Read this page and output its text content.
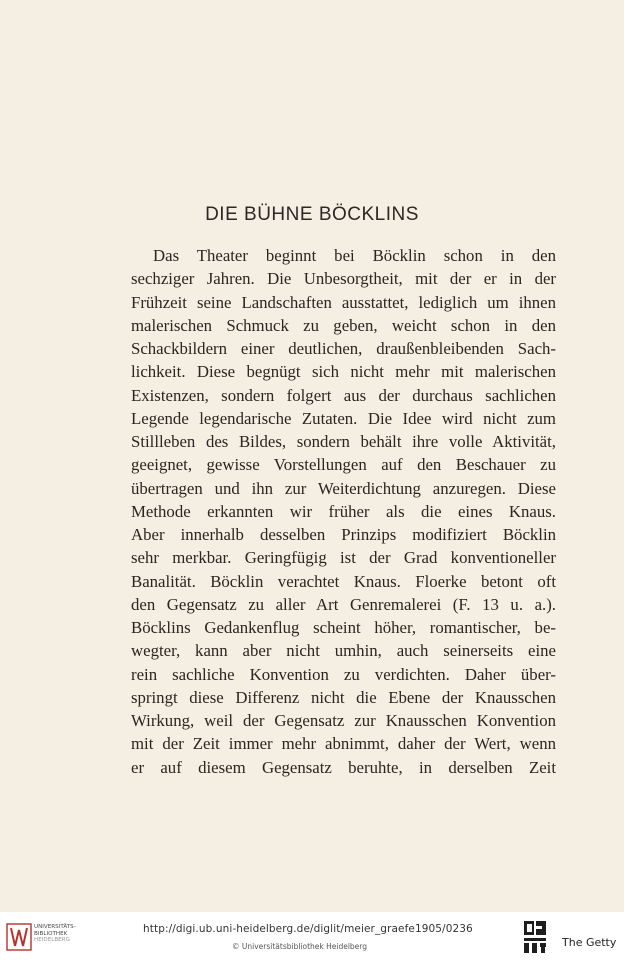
DIE BÜHNE BÖCKLINS
Das Theater beginnt bei Böcklin schon in den
sechziger Jahren. Die Unbesorgtheit, mit der er in der
Frühzeit seine Landschaften ausstattet, lediglich um ihnen
malerischen Schmuck zu geben, weicht schon in den
Schackbildern einer deutlichen, draußenbleibenden Sach-
lichkeit. Diese begnügt sich nicht mehr mit malerischen
Existenzen, sondern folgert aus der durchaus sachlichen
Legende legendarische Zutaten. Die Idee wird nicht zum
Stillleben des Bildes, sondern behält ihre volle Aktivität,
geeignet, gewisse Vorstellungen auf den Beschauer zu
übertragen und ihn zur Weiterdichtung anzuregen. Diese
Methode erkannten wir früher als die eines Knaus.
Aber innerhalb desselben Prinzips modifiziert Böcklin
sehr merkbar. Geringfügig ist der Grad konventioneller
Banalität. Böcklin verachtet Knaus. Floerke betont oft
den Gegensatz zu aller Art Genremalerei (F. 13 u. a.).
Böcklins Gedankenflug scheint höher, romantischer, be-
wegter, kann aber nicht umhin, auch seinerseits eine
rein sachliche Konvention zu verdichten. Daher über-
springt diese Differenz nicht die Ebene der Knausschen
Wirkung, weil der Gegensatz zur Knausschen Konvention
mit der Zeit immer mehr abnimmt, daher der Wert, wenn
er auf diesem Gegensatz beruhte, in derselben Zeit
UNIVERSITÄTS-
BIBLIOTHEK
HEIDELBERG
http://digi.ub.uni-heidelberg.de/diglit/meier_graefe1905/0236
© Universitätsbibliothek Heidelberg	The Getty
